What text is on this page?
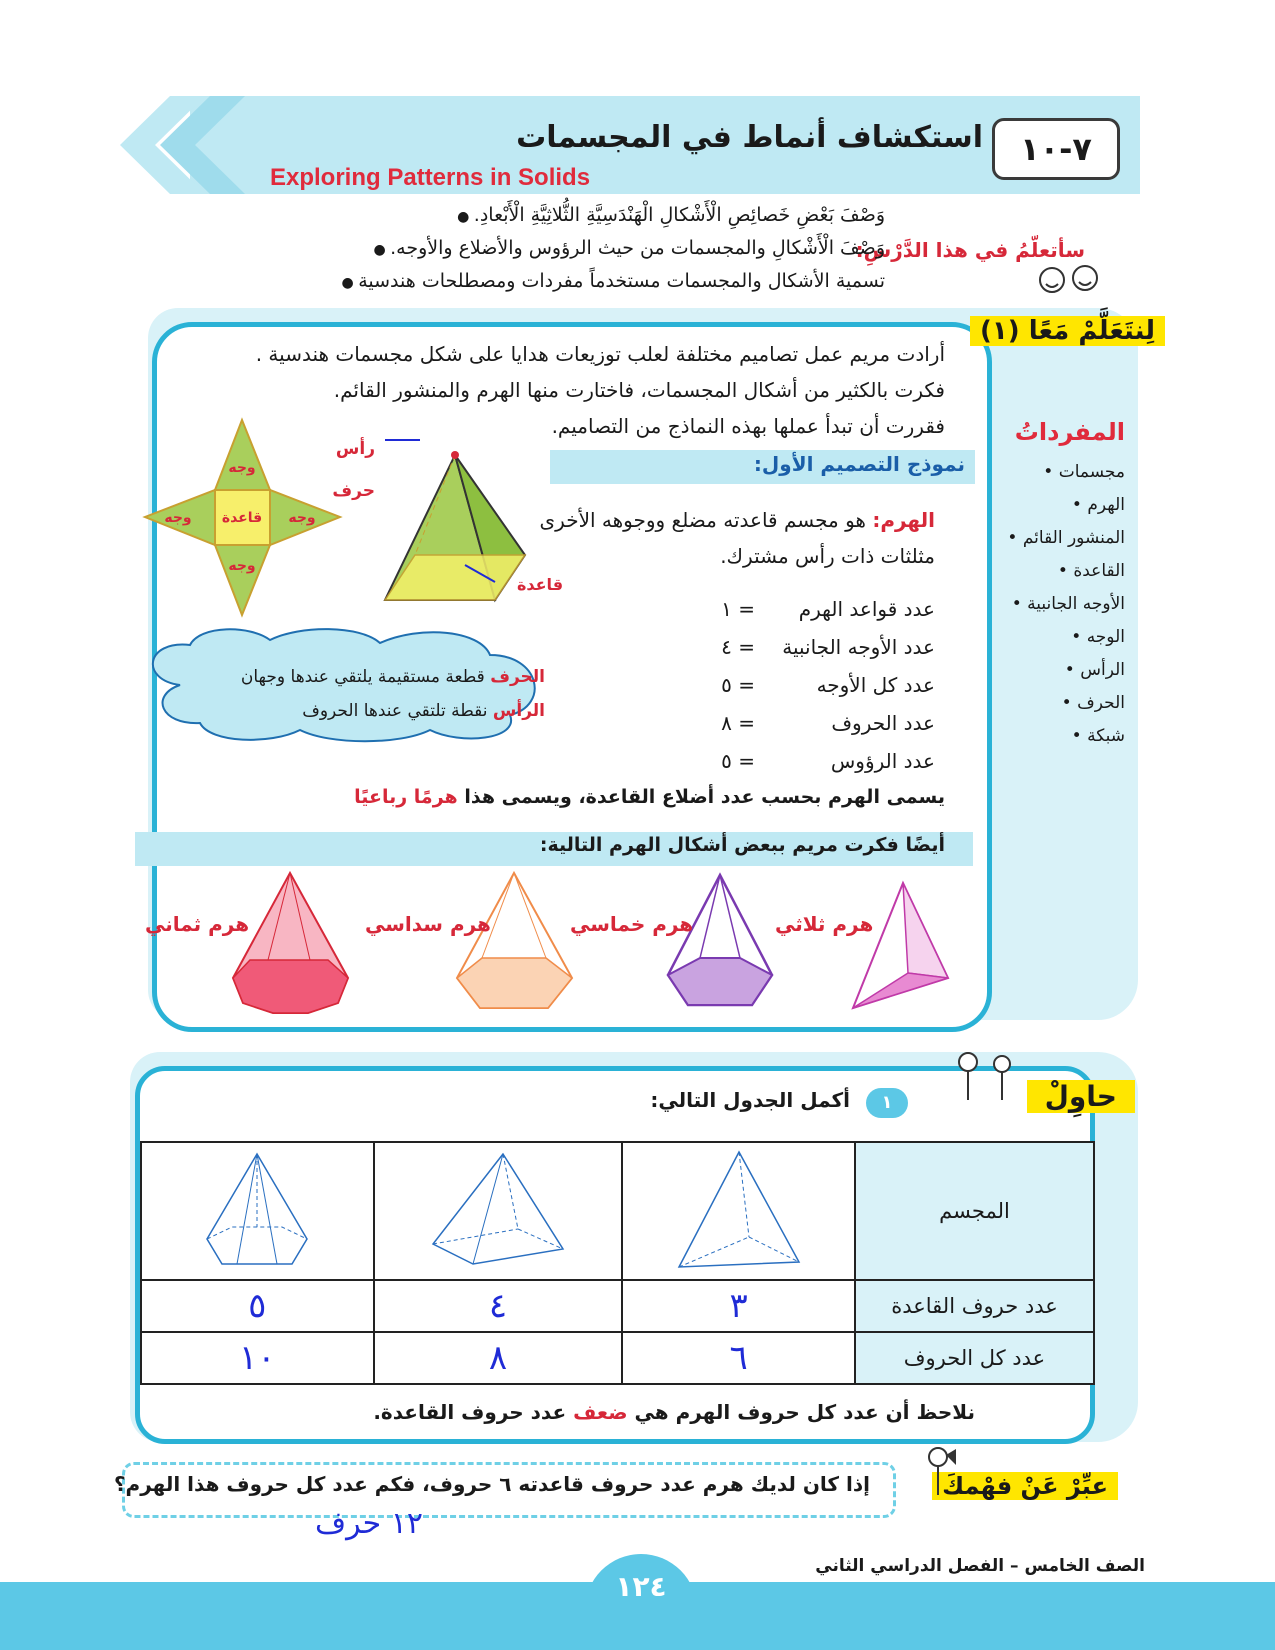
٧-١٠
استكشاف أنماط في المجسمات
Exploring Patterns in Solids
سأتعلّمُ في هذا الدَّرْسِ:
وَصْفَ بَعْضِ خَصائِصِ الْأَشْكالِ الْهَنْدَسِيَّةِ الثُّلاثِيَّةِ الْأَبْعادِ. ●
وَصْفَ الْأَشْكالِ والمجسمات من حيث الرؤوس والأضلاع والأوجه. ●
تسمية الأشكال والمجسمات مستخدماً مفردات ومصطلحات هندسية ●
لِنتَعَلَّمْ مَعًا (١)
أرادت مريم عمل تصاميم مختلفة لعلب توزيعات هدايا على شكل مجسمات هندسية .
فكرت بالكثير من أشكال المجسمات، فاختارت منها الهرم والمنشور القائم.
فقررت أن تبدأ عملها بهذه النماذج من التصاميم.	المفرداتُ
مجسمات •
الهرم •
المنشور القائم •
القاعدة •
الأوجه الجانبية •
الوجه •
الرأس •
الحرف •
شبكة •
نموذج التصميم الأول:
وجه
قاعدة
وجه	وجه
وجه
رأس
حرف
قاعدة
الهرم: هو مجسم قاعدته مضلع ووجوهه الأخرى مثلثات ذات رأس مشترك.
عدد قواعد الهرم
= ١
عدد الأوجه الجانبية
= ٤
عدد كل الأوجه
= ٥
عدد الحروف
= ٨
عدد الرؤوس
= ٥
الحرف قطعة مستقيمة يلتقي عندها وجهان
الرأس نقطة تلتقي عندها الحروف
يسمى الهرم بحسب عدد أضلاع القاعدة، ويسمى هذا هرمًا رباعيًا
أيضًا فكرت مريم ببعض أشكال الهرم التالية:
هرم ثلاثي
هرم خماسي
هرم سداسي
هرم ثماني
حاوِلْ
١
أكمل الجدول التالي:
			المجسم
٥	٤	٣	عدد حروف القاعدة
١٠	٨	٦	عدد كل الحروف
نلاحظ أن عدد كل حروف الهرم هي ضعف عدد حروف القاعدة.
عبِّرْ عَنْ فهْمكَ
إذا كان لديك هرم عدد حروف قاعدته ٦ حروف، فكم عدد كل حروف هذا الهرم؟
١٢ حرف
١٢٤
الصف الخامس – الفصل الدراسي الثاني
